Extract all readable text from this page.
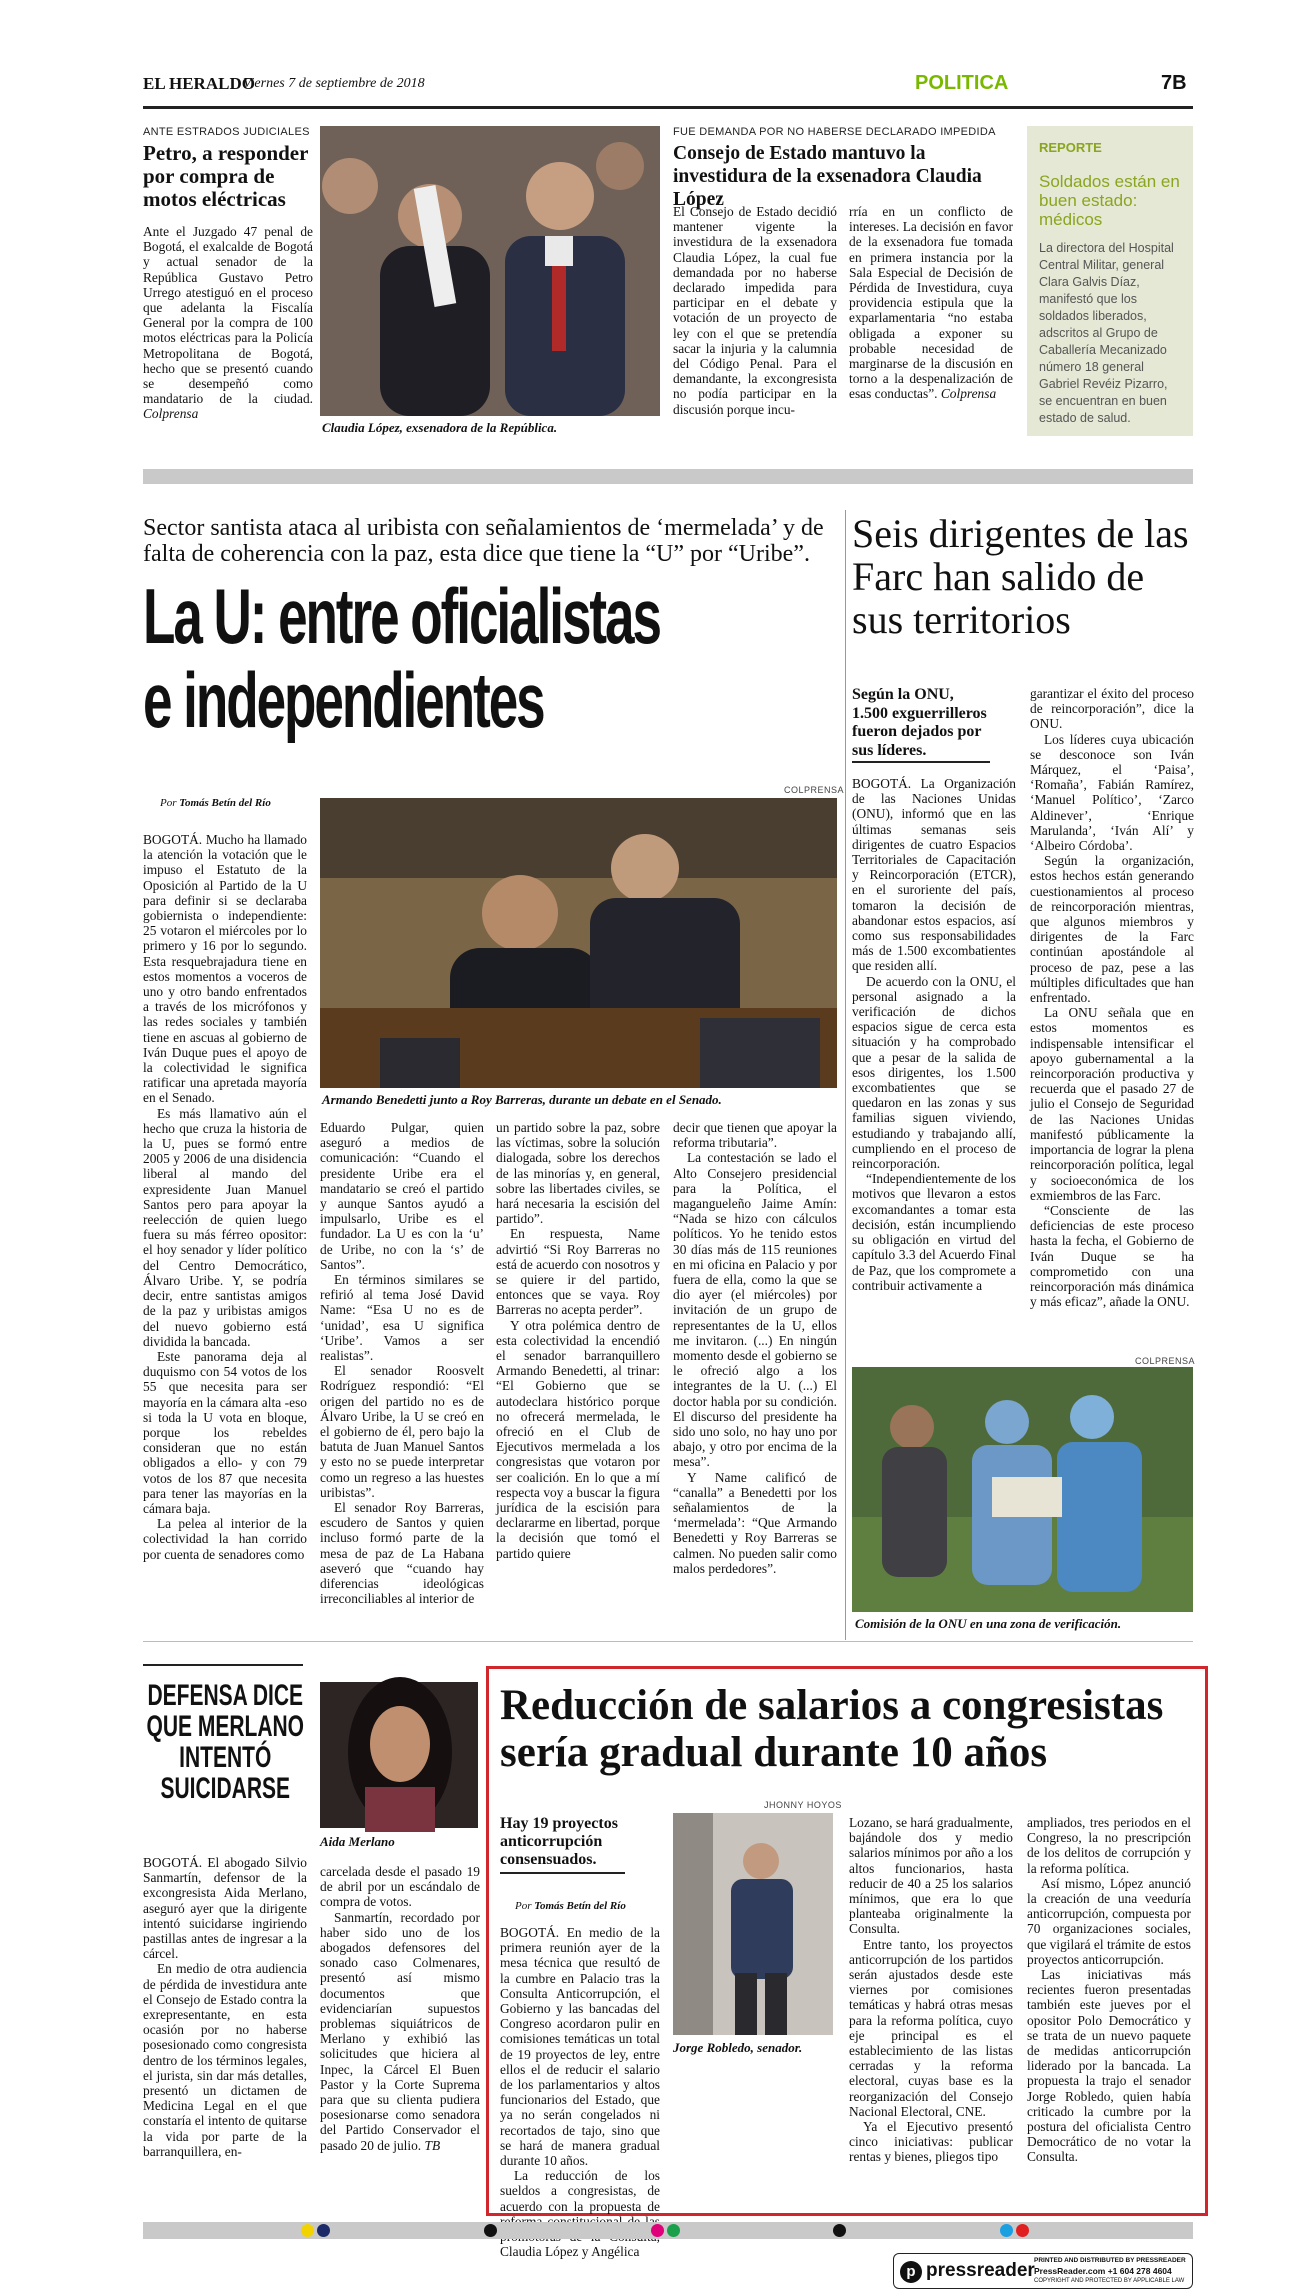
EL HERALDO
Viernes 7 de septiembre de 2018	POLITICA	7B
ANTE ESTRADOS JUDICIALES
Petro, a responder por compra de motos eléctricas

Ante el Juzgado 47 penal de Bogotá, el exalcalde de Bogotá y actual senador de la República Gustavo Petro Urrego atestiguó en el proceso que adelanta la Fiscalía General por la compra de 100 motos eléctricas para la Policía Metropolitana de Bogotá, hecho que se presentó cuando se desempeñó como mandatario de la ciudad. Colprensa

Claudia López, exsenadora de la República.
FUE DEMANDA POR NO HABERSE DECLARADO IMPEDIDA
Consejo de Estado mantuvo la investidura de la exsenadora Claudia López

El Consejo de Estado decidió mantener vigente la investidura de la exsenadora Claudia López, la cual fue demandada por no haberse declarado impedida para participar en el debate y votación de un proyecto de ley con el que se pretendía sacar la injuria y la calumnia del Código Penal. Para el demandante, la excongresista no podía participar en la discusión porque incu-

rría en un conflicto de intereses. La decisión en favor de la exsenadora fue tomada en primera instancia por la Sala Especial de Decisión de Pérdida de Investidura, cuya providencia estipula que la exparlamentaria “no estaba obligada a exponer su probable necesidad de marginarse de la discusión en torno a la despenalización de esas conductas”. Colprensa

REPORTE
Soldados están en buen estado: médicos
La directora del Hospital Central Militar, general Clara Galvis Díaz, manifestó que los soldados liberados, adscritos al Grupo de Caballería Mecanizado número 18 general Gabriel Revéiz Pizarro, se encuentran en buen estado de salud.
Sector santista ataca al uribista con señalamientos de ‘mermelada’ y de falta de coherencia con la paz, esta dice que tiene la “U” por “Uribe”.
La U: entre oficialistas
e independientes
Por Tomás Betín del Río

BOGOTÁ. Mucho ha llamado la atención la votación que le impuso el Estatuto de la Oposición al Partido de la U para definir si se declaraba gobiernista o independiente: 25 votaron el miércoles por lo primero y 16 por lo segundo. Esta resquebrajadura tiene en estos momentos a voceros de uno y otro bando enfrentados a través de los micrófonos y las redes sociales y también tiene en ascuas al gobierno de Iván Duque pues el apoyo de la colectividad le significa ratificar una apretada mayoría en el Senado.

Es más llamativo aún el hecho que cruza la historia de la U, pues se formó entre 2005 y 2006 de una disidencia liberal al mando del expresidente Juan Manuel Santos pero para apoyar la reelección de quien luego fuera su más férreo opositor: el hoy senador y líder político del Centro Democrático, Álvaro Uribe. Y, se podría decir, entre santistas amigos de la paz y uribistas amigos del nuevo gobierno está dividida la bancada.

Este panorama deja al duquismo con 54 votos de los 55 que necesita para ser mayoría en la cámara alta -eso si toda la U vota en bloque, porque los rebeldes consideran que no están obligados a ello- y con 79 votos de los 87 que necesita para tener las mayorías en la cámara baja.

La pelea al interior de la colectividad la han corrido por cuenta de senadores como

COLPRENSA
Armando Benedetti junto a Roy Barreras, durante un debate en el Senado.

Eduardo Pulgar, quien aseguró a medios de comunicación: “Cuando el presidente Uribe era el mandatario se creó el partido y aunque Santos ayudó a impulsarlo, Uribe es el fundador. La U es con la ‘u’ de Uribe, no con la ‘s’ de Santos”.

En términos similares se refirió al tema José David Name: “Esa U no es de ‘unidad’, esa U significa ‘Uribe’. Vamos a ser realistas”.

El senador Roosvelt Rodríguez respondió: “El origen del partido no es de Álvaro Uribe, la U se creó en el gobierno de él, pero bajo la batuta de Juan Manuel Santos y esto no se puede interpretar como un regreso a las huestes uribistas”.

El senador Roy Barreras, escudero de Santos y quien incluso formó parte de la mesa de paz de La Habana aseveró que “cuando hay diferencias ideológicas irreconciliables al interior de

un partido sobre la paz, sobre las víctimas, sobre la solución dialogada, sobre los derechos de las minorías y, en general, sobre las libertades civiles, se hará necesaria la escisión del partido”.

En respuesta, Name advirtió “Si Roy Barreras no está de acuerdo con nosotros y se quiere ir del partido, entonces que se vaya. Roy Barreras no acepta perder”.

Y otra polémica dentro de esta colectividad la encendió el senador barranquillero Armando Benedetti, al trinar: “El Gobierno que se autodeclara histórico porque no ofrecerá mermelada, le ofreció en el Club de Ejecutivos mermelada a los congresistas que votaron por ser coalición. En lo que a mí respecta voy a buscar la figura jurídica de la escisión para declararme en libertad, porque la decisión que tomó el partido quiere

decir que tienen que apoyar la reforma tributaria”.

La contestación se lado el Alto Consejero presidencial para la Política, el magangueleño Jaime Amín: “Nada se hizo con cálculos políticos. Yo he tenido estos 30 días más de 115 reuniones en mi oficina en Palacio y por fuera de ella, como la que se dio ayer (el miércoles) por invitación de un grupo de representantes de la U, ellos me invitaron. (...) En ningún momento desde el gobierno se le ofreció algo a los integrantes de la U. (...) El doctor habla por su condición. El discurso del presidente ha sido uno solo, no hay uno por abajo, y otro por encima de la mesa”.

Y Name calificó de “canalla” a Benedetti por los señalamientos de la ‘mermelada’: “Que Armando Benedetti y Roy Barreras se calmen. No pueden salir como malos perdedores”.

Seis dirigentes de las Farc han salido de sus territorios
Según la ONU, 1.500 exguerrilleros fueron dejados por sus líderes.

BOGOTÁ. La Organización de las Naciones Unidas (ONU), informó que en las últimas semanas seis dirigentes de cuatro Espacios Territoriales de Capacitación y Reincorporación (ETCR), en el suroriente del país, tomaron la decisión de abandonar estos espacios, así como sus responsabilidades más de 1.500 excombatientes que residen allí.

De acuerdo con la ONU, el personal asignado a la verificación de dichos espacios sigue de cerca esta situación y ha comprobado que a pesar de la salida de esos dirigentes, los 1.500 excombatientes que se quedaron en las zonas y sus familias siguen viviendo, estudiando y trabajando allí, cumpliendo en el proceso de reincorporación.

“Independientemente de los motivos que llevaron a estos excomandantes a tomar esta decisión, están incumpliendo su obligación en virtud del capítulo 3.3 del Acuerdo Final de Paz, que los compromete a contribuir activamente a

garantizar el éxito del proceso de reincorporación”, dice la ONU.

Los líderes cuya ubicación se desconoce son Iván Márquez, el ‘Paisa’, ‘Romaña’, Fabián Ramírez, ‘Manuel Político’, ‘Zarco Aldinever’, ‘Enrique Marulanda’, ‘Iván Alí’ y ‘Albeiro Córdoba’.

Según la organización, estos hechos están generando cuestionamientos al proceso de reincorporación mientras, que algunos miembros y dirigentes de la Farc continúan apostándole al proceso de paz, pese a las múltiples dificultades que han enfrentado.

La ONU señala que en estos momentos es indispensable intensificar el apoyo gubernamental a la reincorporación productiva y recuerda que el pasado 27 de julio el Consejo de Seguridad de las Naciones Unidas manifestó públicamente la importancia de lograr la plena reincorporación política, legal y socioeconómica de los exmiembros de las Farc.

“Consciente de las deficiencias de este proceso hasta la fecha, el Gobierno de Iván Duque se ha comprometido con una reincorporación más dinámica y más eficaz”, añade la ONU.

COLPRENSA
Comisión de la ONU en una zona de verificación.
DEFENSA DICE QUE MERLANO INTENTÓ SUICIDARSE
Aida Merlano

BOGOTÁ. El abogado Silvio Sanmartín, defensor de la excongresista Aida Merlano, aseguró ayer que la dirigente intentó suicidarse ingiriendo pastillas antes de ingresar a la cárcel.

En medio de otra audiencia de pérdida de investidura ante el Consejo de Estado contra la exrepresentante, en esta ocasión por no haberse posesionado como congresista dentro de los términos legales, el jurista, sin dar más detalles, presentó un dictamen de Medicina Legal en el que constaría el intento de quitarse la vida por parte de la barranquillera, en-

carcelada desde el pasado 19 de abril por un escándalo de compra de votos.

Sanmartín, recordado por haber sido uno de los abogados defensores del sonado caso Colmenares, presentó así mismo documentos que evidenciarían supuestos problemas siquiátricos de Merlano y exhibió las solicitudes que hiciera al Inpec, la Cárcel El Buen Pastor y la Corte Suprema para que su clienta pudiera posesionarse como senadora del Partido Conservador el pasado 20 de julio. TB

Reducción de salarios a congresistas sería gradual durante 10 años
Hay 19 proyectos anticorrupción consensuados.
Por Tomás Betín del Río
JHONNY HOYOS
Jorge Robledo, senador.

BOGOTÁ. En medio de la primera reunión ayer de la mesa técnica que resultó de la cumbre en Palacio tras la Consulta Anticorrupción, el Gobierno y las bancadas del Congreso acordaron pulir en comisiones temáticas un total de 19 proyectos de ley, entre ellos el de reducir el salario de los parlamentarios y altos funcionarios del Estado, que ya no serán congelados ni recortados de tajo, sino que se hará de manera gradual durante 10 años.

La reducción de los sueldos a congresistas, de acuerdo con la propuesta de Claudia López y Angélica

Lozano, se hará gradualmente, bajándole dos y medio salarios mínimos por año a los altos funcionarios, hasta reducir de 40 a 25 los salarios mínimos, que era lo que planteaba originalmente la Consulta.

Entre tanto, los proyectos anticorrupción de los partidos serán ajustados desde este viernes por comisiones temáticas y habrá otras mesas para la reforma política, cuyo eje principal es el establecimiento de las listas cerradas y la reforma electoral, cuyas base es la reorganización del Consejo Nacional Electoral, CNE.

Ya el Ejecutivo presentó cinco iniciativas: publicar rentas y bienes, pliegos tipo

ampliados, tres periodos en el Congreso, la no prescripción de los delitos de corrupción y la reforma política.

Así mismo, López anunció la creación de una veeduría anticorrupción, compuesta por 70 organizaciones sociales, que vigilará el trámite de estos proyectos anticorrupción.

Las iniciativas más recientes fueron presentadas también este jueves por el opositor Polo Democrático y se trata de un nuevo paquete de medidas anticorrupción liderado por la bancada. La propuesta la trajo el senador Jorge Robledo, quien había criticado la cumbre por la postura del oficialista Centro Democrático de no votar la Consulta.

p pressreader PRINTED AND DISTRIBUTED BY PRESSREADER
PressReader.com +1 604 278 4604
COPYRIGHT AND PROTECTED BY APPLICABLE LAW
